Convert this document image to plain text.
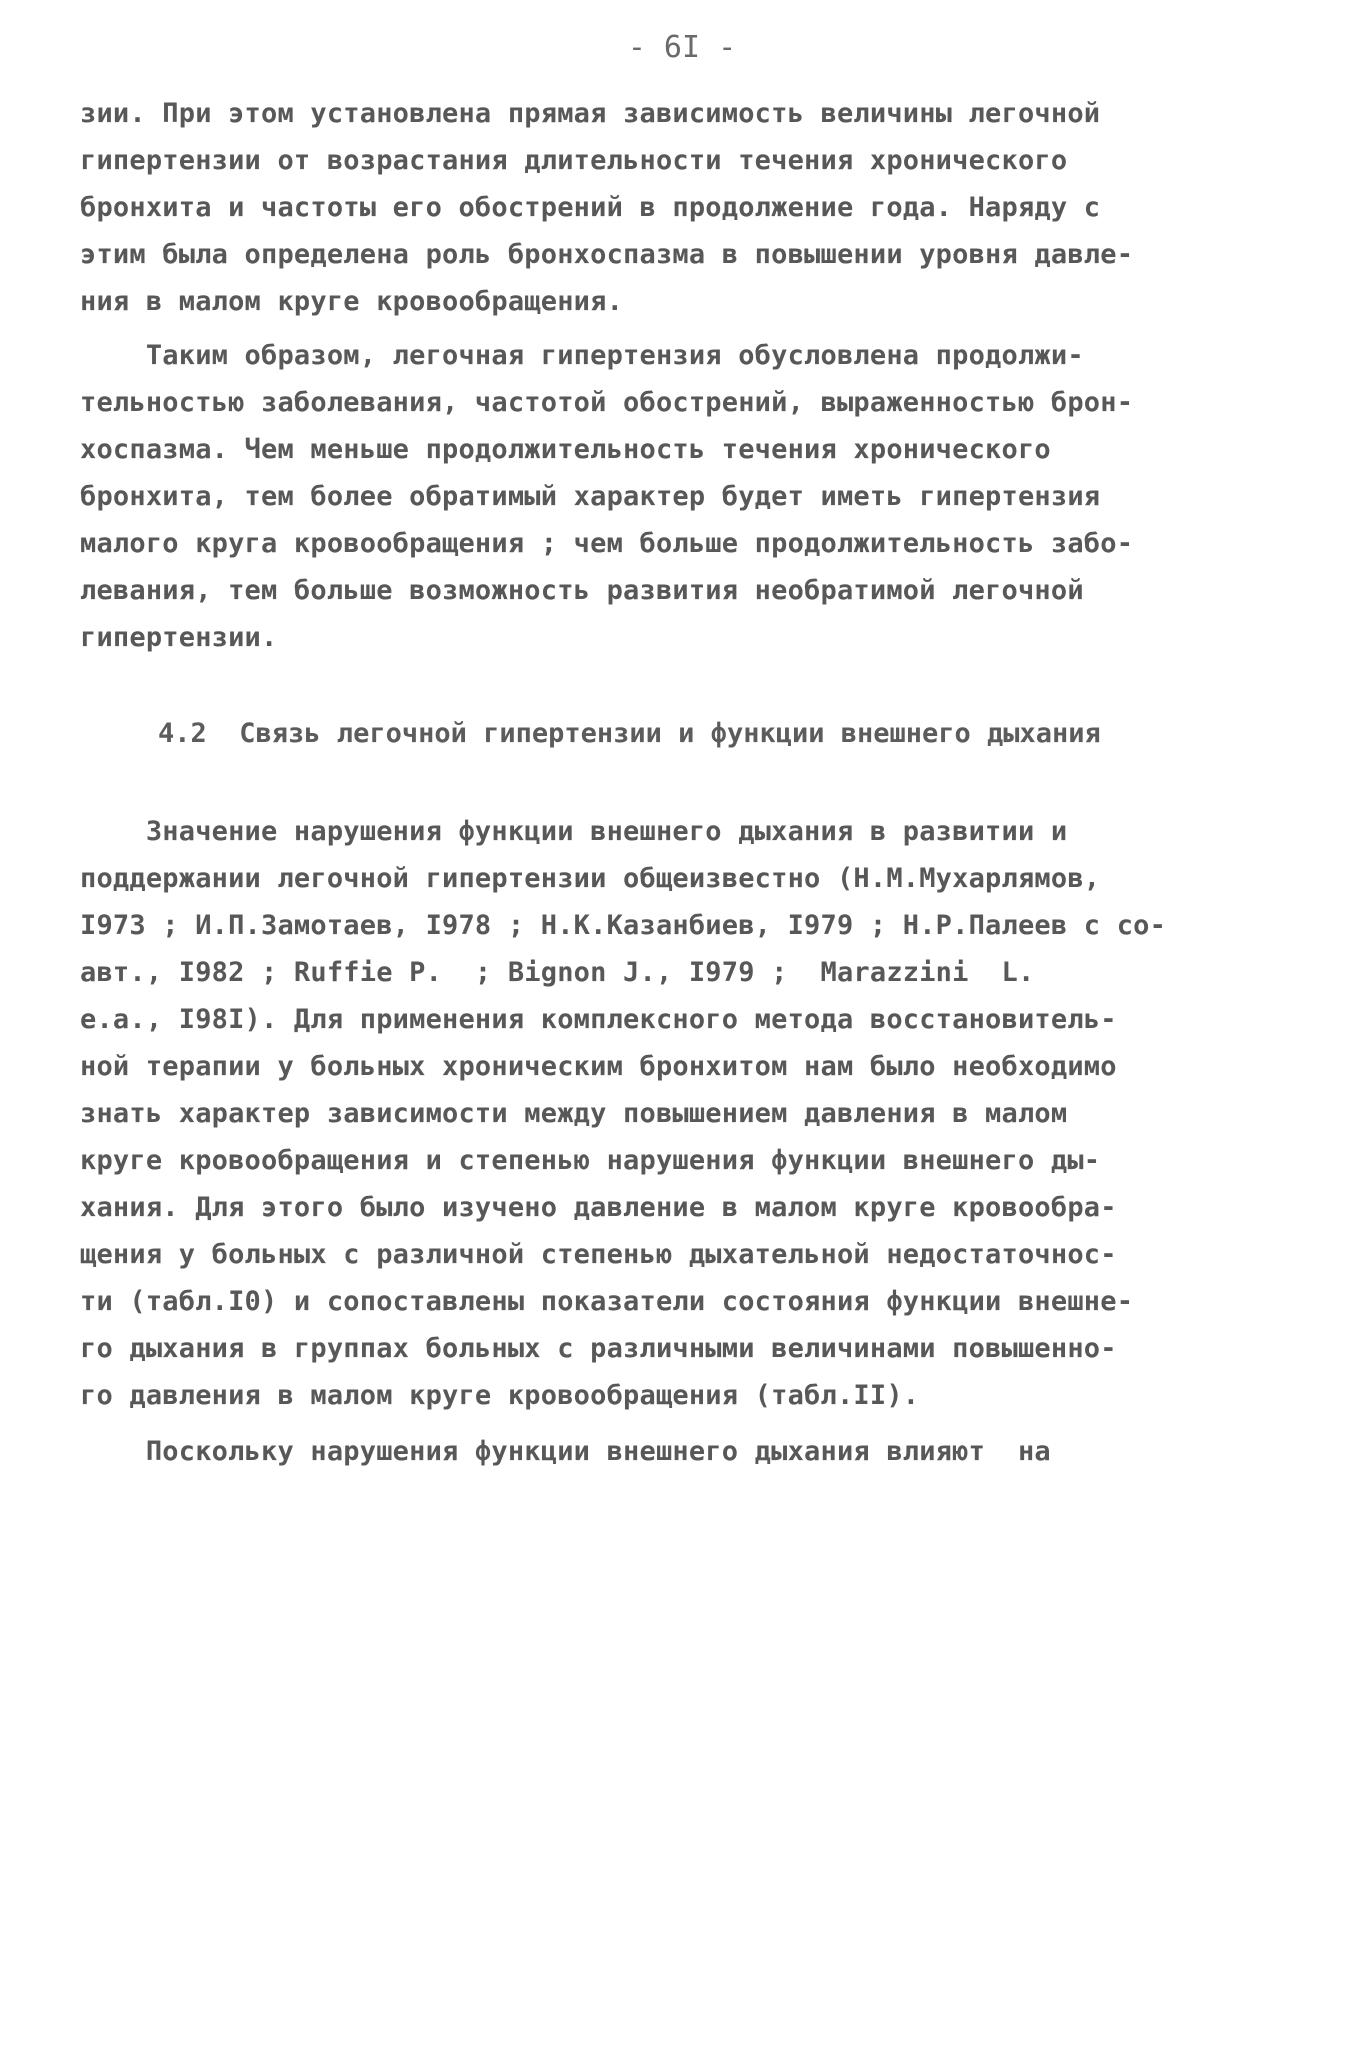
- 6I -
зии. При этом установлена прямая зависимость величины легочной
гипертензии от возрастания длительности течения хронического
бронхита и частоты его обострений в продолжение года. Наряду с
этим была определена роль бронхоспазма в повышении уровня давле-
ния в малом круге кровообращения.
Таким образом, легочная гипертензия обусловлена продолжи-
тельностью заболевания, частотой обострений, выраженностью брон-
хоспазма. Чем меньше продолжительность течения хронического
бронхита, тем более обратимый характер будет иметь гипертензия
малого круга кровообращения ; чем больше продолжительность забо-
левания, тем больше возможность развития необратимой легочной
гипертензии.
4.2  Связь легочной гипертензии и функции внешнего дыхания
Значение нарушения функции внешнего дыхания в развитии и
поддержании легочной гипертензии общеизвестно (Н.М.Мухарлямов,
I973 ; И.П.Замотаев, I978 ; Н.К.Казанбиев, I979 ; Н.Р.Палеев с со-
авт., I982 ; Ruffie P.  ; Bignon J., I979 ;  Marazzini  L.
e.a., I98I). Для применения комплексного метода восстановитель-
ной терапии у больных хроническим бронхитом нам было необходимо
знать характер зависимости между повышением давления в малом
круге кровообращения и степенью нарушения функции внешнего ды-
хания. Для этого было изучено давление в малом круге кровообра-
щения у больных с различной степенью дыхательной недостаточнос-
ти (табл.I0) и сопоставлены показатели состояния функции внешне-
го дыхания в группах больных с различными величинами повышенно-
го давления в малом круге кровообращения (табл.II).
Поскольку нарушения функции внешнего дыхания влияют  на
